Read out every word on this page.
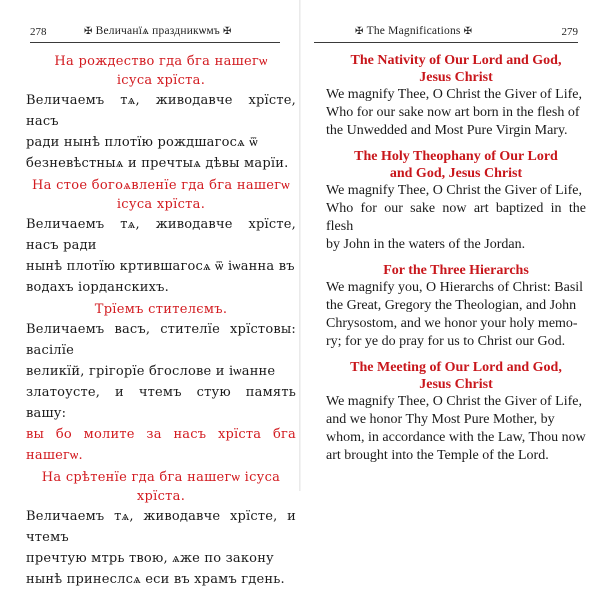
278	✠ Величанїѧ праздникѡмъ ✠
На рождество гда бга нашегѡ
ісуса хрїста.
Величаемъ тѧ, живодавче хрїсте, насъ
ради нынѣ плотїю рождшагосѧ ѿ
безневѣстныѧ и пречтыѧ дѣвы марїи.
На стое богоѧвленїе гда бга нашегѡ
ісуса хрїста.
Величаемъ тѧ, живодавче хрїсте, насъ ради
нынѣ плотїю кртившагосѧ ѿ іѡанна въ
водахъ іорданскихъ.
Трїемъ стителємъ.
Величаемъ васъ, стителїе хрїстовы: васілїе
великїй, грігорїе бгослове и іѡанне
златоусте, и чтемъ стую память вашу:
вы бо молите за насъ хрїста бга нашегѡ.
На срѣтенїе гда бга нашегѡ ісуса хрїста.
Величаемъ тѧ, живодавче хрїсте, и чтемъ
пречтую мтрь твою, ѧже по закону
нынѣ принеслсѧ еси въ храмъ гдень.
✠ The Magnifications ✠	279
The Nativity of Our Lord and God,
Jesus Christ
We magnify Thee, O Christ the Giver of Life,
Who for our sake now art born in the flesh of
the Unwedded and Most Pure Virgin Mary.
The Holy Theophany of Our Lord
and God, Jesus Christ
We magnify Thee, O Christ the Giver of Life,
Who for our sake now art baptized in the flesh
by John in the waters of the Jordan.
For the Three Hierarchs
We magnify you, O Hierarchs of Christ: Basil
the Great, Gregory the Theologian, and John
Chrysostom, and we honor your holy memo-
ry; for ye do pray for us to Christ our God.
The Meeting of Our Lord and God,
Jesus Christ
We magnify Thee, O Christ the Giver of Life,
and we honor Thy Most Pure Mother, by
whom, in accordance with the Law, Thou now
art brought into the Temple of the Lord.
